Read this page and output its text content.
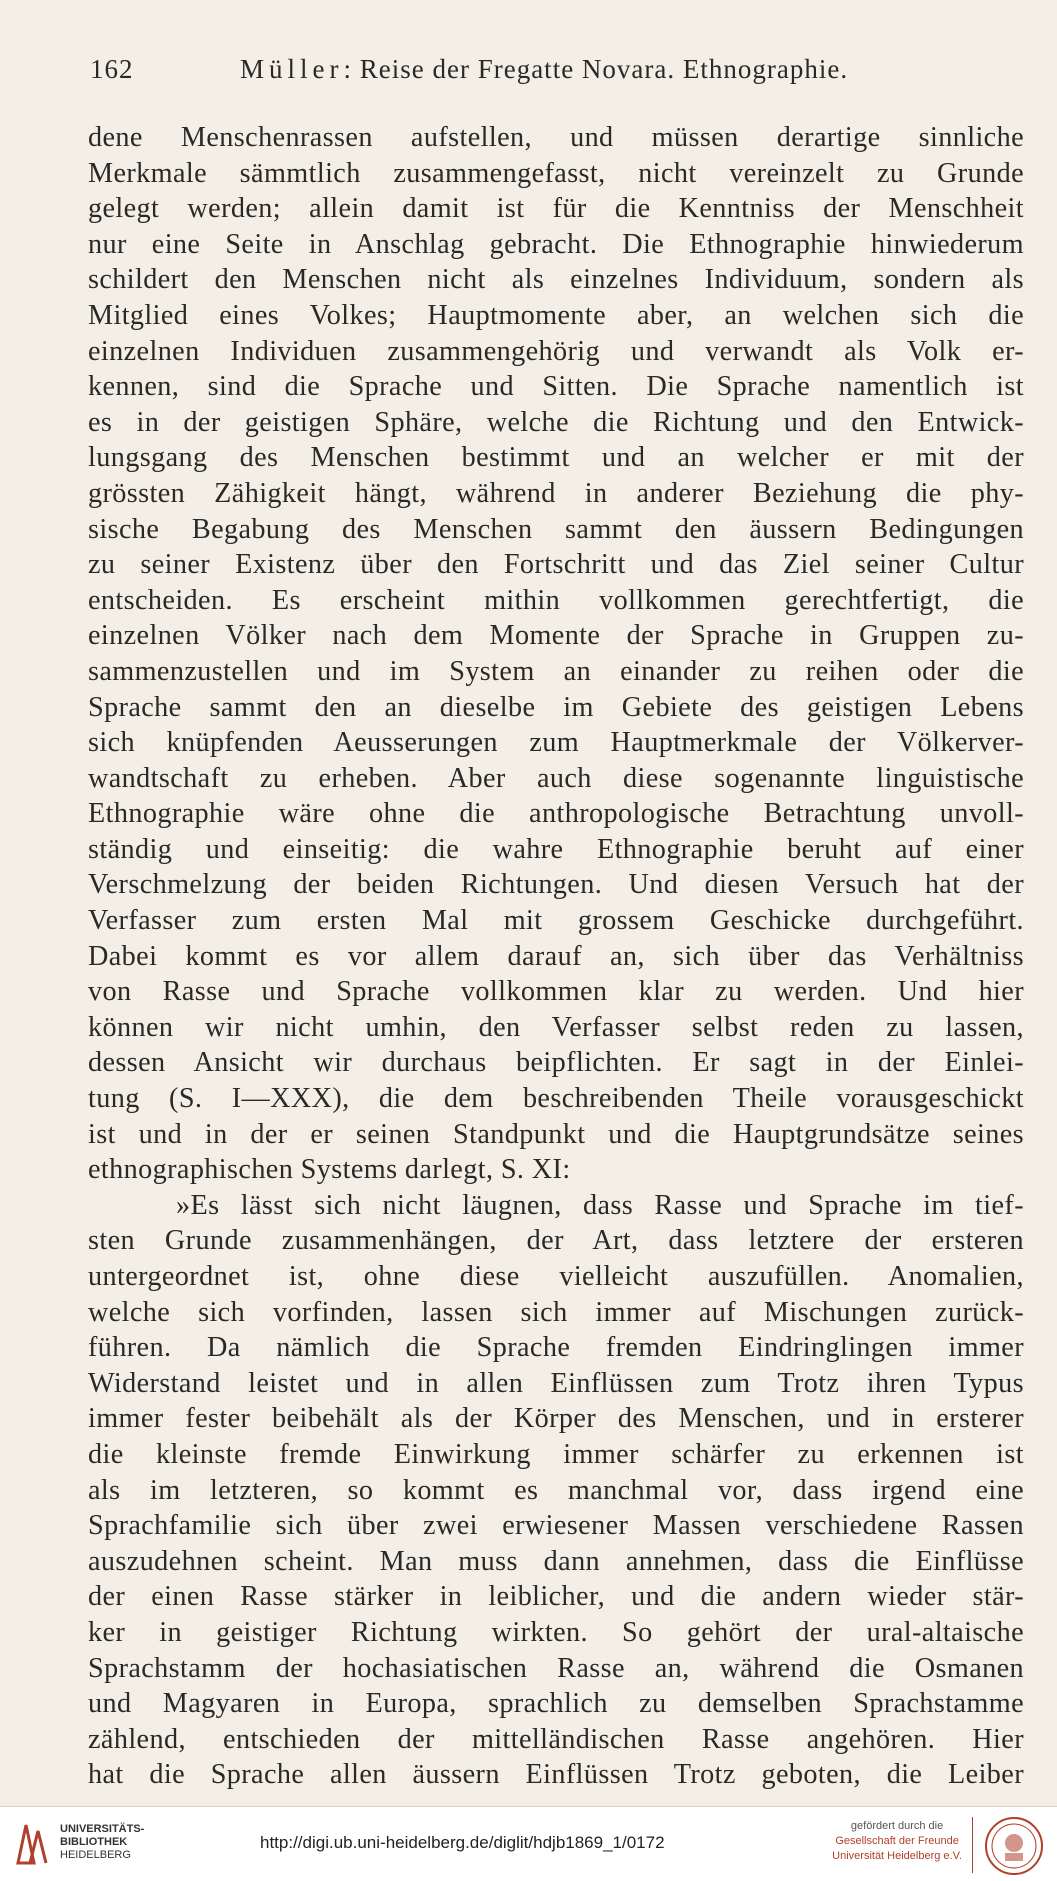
162	Müller: Reise der Fregatte Novara. Ethnographie.
dene Menschenrassen aufstellen, und müssen derartige sinnliche
Merkmale sämmtlich zusammengefasst, nicht vereinzelt zu Grunde
gelegt werden; allein damit ist für die Kenntniss der Menschheit
nur eine Seite in Anschlag gebracht. Die Ethnographie hinwiederum
schildert den Menschen nicht als einzelnes Individuum, sondern als
Mitglied eines Volkes; Hauptmomente aber, an welchen sich die
einzelnen Individuen zusammengehörig und verwandt als Volk er-
kennen, sind die Sprache und Sitten. Die Sprache namentlich ist
es in der geistigen Sphäre, welche die Richtung und den Entwick-
lungsgang des Menschen bestimmt und an welcher er mit der
grössten Zähigkeit hängt, während in anderer Beziehung die phy-
sische Begabung des Menschen sammt den äussern Bedingungen
zu seiner Existenz über den Fortschritt und das Ziel seiner Cultur
entscheiden. Es erscheint mithin vollkommen gerechtfertigt, die
einzelnen Völker nach dem Momente der Sprache in Gruppen zu-
sammenzustellen und im System an einander zu reihen oder die
Sprache sammt den an dieselbe im Gebiete des geistigen Lebens
sich knüpfenden Aeusserungen zum Hauptmerkmale der Völkerver-
wandtschaft zu erheben. Aber auch diese sogenannte linguistische
Ethnographie wäre ohne die anthropologische Betrachtung unvoll-
ständig und einseitig: die wahre Ethnographie beruht auf einer
Verschmelzung der beiden Richtungen. Und diesen Versuch hat der
Verfasser zum ersten Mal mit grossem Geschicke durchgeführt.
Dabei kommt es vor allem darauf an, sich über das Verhältniss
von Rasse und Sprache vollkommen klar zu werden. Und hier
können wir nicht umhin, den Verfasser selbst reden zu lassen,
dessen Ansicht wir durchaus beipflichten. Er sagt in der Einlei-
tung (S. I—XXX), die dem beschreibenden Theile vorausgeschickt
ist und in der er seinen Standpunkt und die Hauptgrundsätze seines
ethnographischen Systems darlegt, S. XI:
»Es lässt sich nicht läugnen, dass Rasse und Sprache im tief-
sten Grunde zusammenhängen, der Art, dass letztere der ersteren
untergeordnet ist, ohne diese vielleicht auszufüllen. Anomalien,
welche sich vorfinden, lassen sich immer auf Mischungen zurück-
führen. Da nämlich die Sprache fremden Eindringlingen immer
Widerstand leistet und in allen Einflüssen zum Trotz ihren Typus
immer fester beibehält als der Körper des Menschen, und in ersterer
die kleinste fremde Einwirkung immer schärfer zu erkennen ist
als im letzteren, so kommt es manchmal vor, dass irgend eine
Sprachfamilie sich über zwei erwiesener Massen verschiedene Rassen
auszudehnen scheint. Man muss dann annehmen, dass die Einflüsse
der einen Rasse stärker in leiblicher, und die andern wieder stär-
ker in geistiger Richtung wirkten. So gehört der ural-altaische
Sprachstamm der hochasiatischen Rasse an, während die Osmanen
und Magyaren in Europa, sprachlich zu demselben Sprachstamme
zählend, entschieden der mittelländischen Rasse angehören. Hier
hat die Sprache allen äussern Einflüssen Trotz geboten, die Leiber
UNIVERSITÄTS-
BIBLIOTHEK
HEIDELBERG
http://digi.ub.uni-heidelberg.de/diglit/hdjb1869_1/0172
gefördert durch die
Gesellschaft der Freunde
Universität Heidelberg e.V.
